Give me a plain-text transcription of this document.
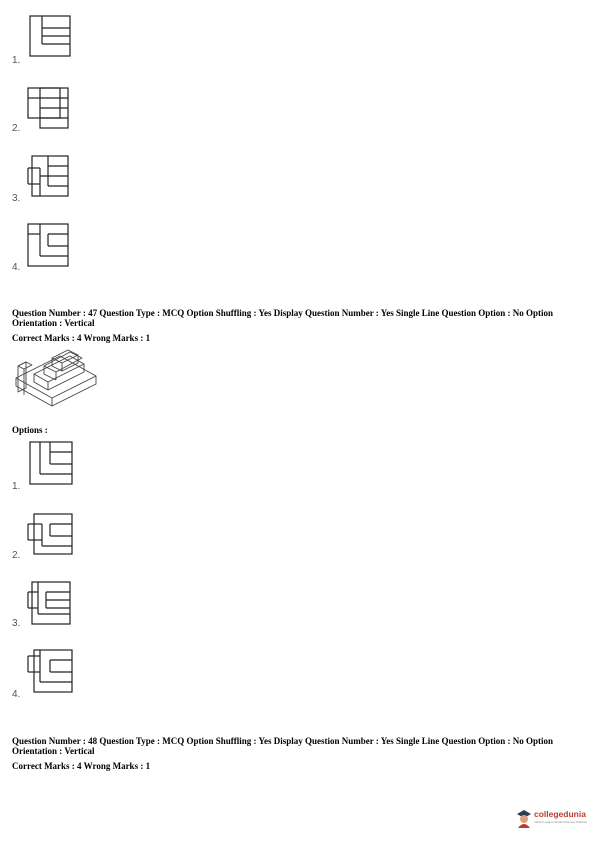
1.
2.
3.
4.
Question Number : 47 Question Type : MCQ Option Shuffling : Yes Display Question Number : Yes Single Line Question Option : No Option Orientation : Vertical
Correct Marks : 4 Wrong Marks : 1
Options :
1.
2.
3.
4.
Question Number : 48 Question Type : MCQ Option Shuffling : Yes Display Question Number : Yes Single Line Question Option : No Option Orientation : Vertical
Correct Marks : 4 Wrong Marks : 1
collegedunia
India's Largest Student Review Platform
